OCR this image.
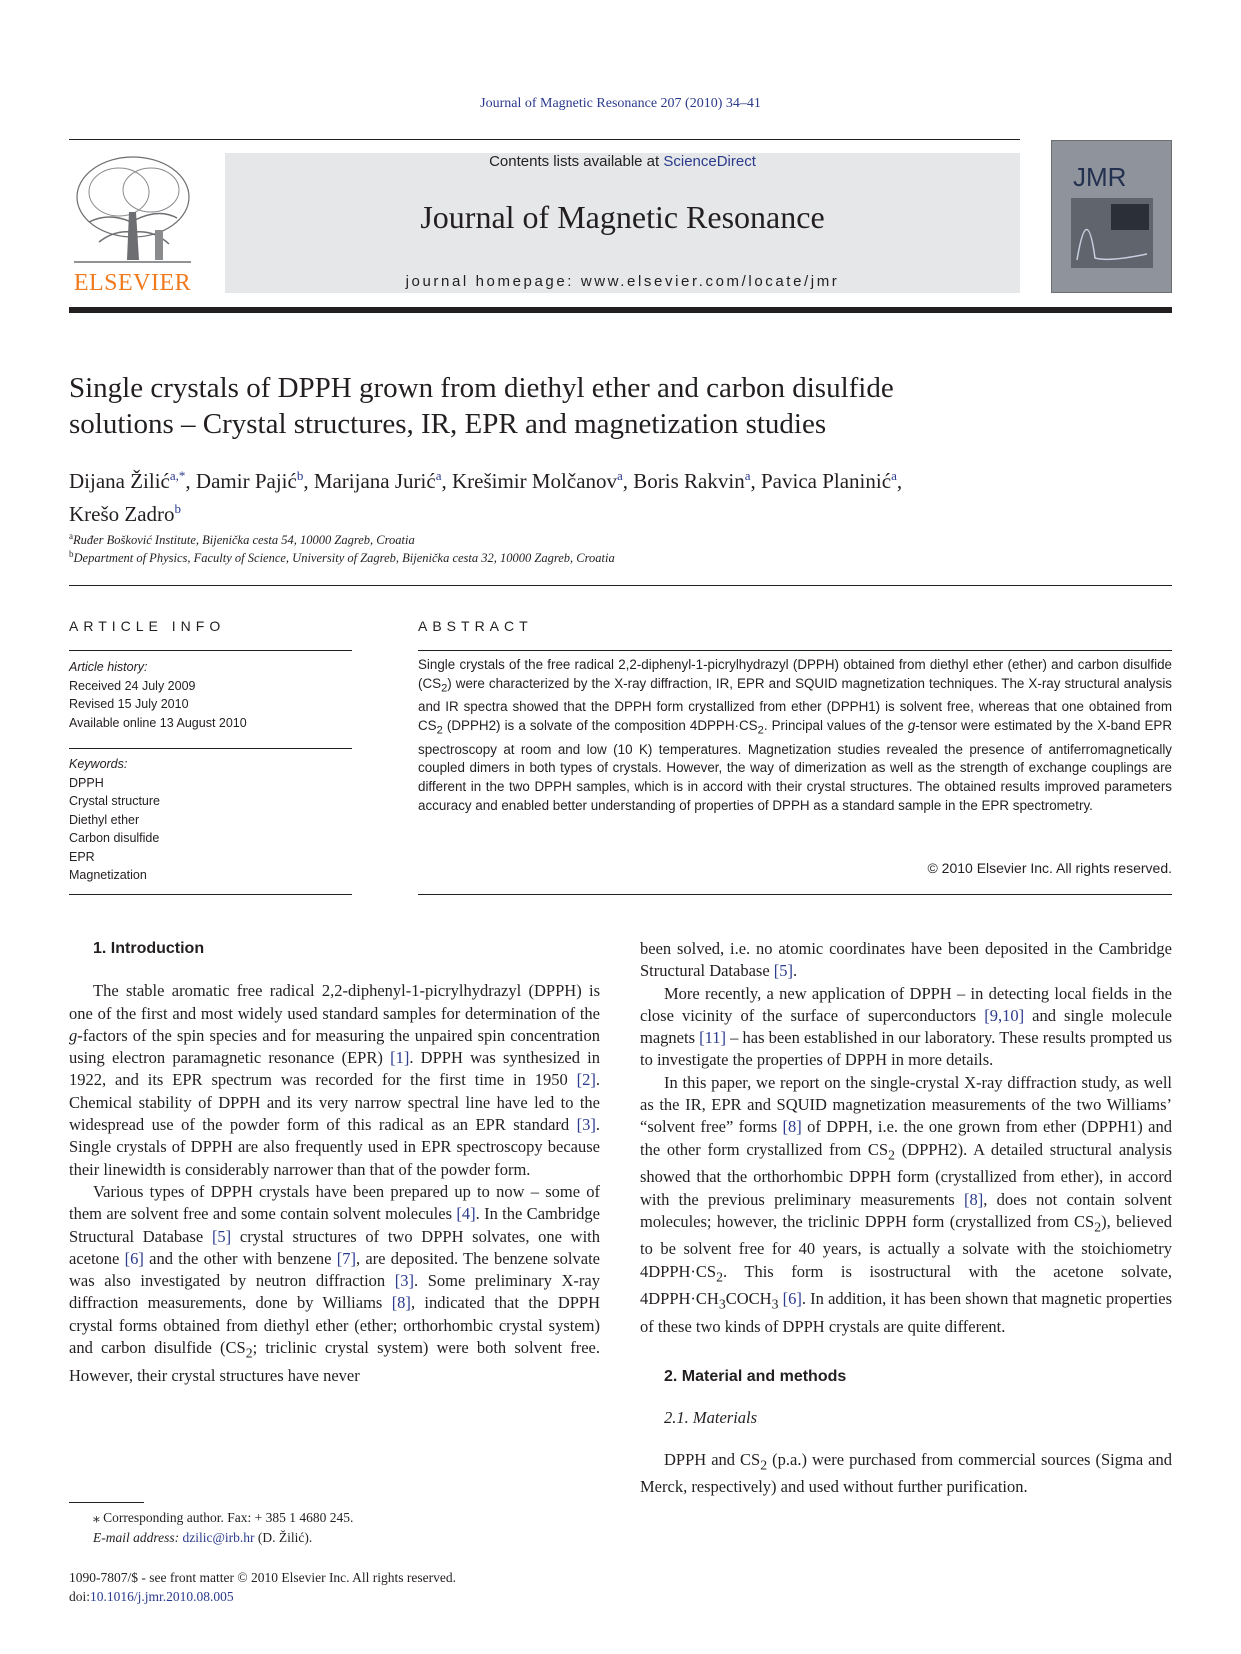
Journal of Magnetic Resonance 207 (2010) 34–41
ELSEVIER
Contents lists available at ScienceDirect
Journal of Magnetic Resonance
journal homepage: www.elsevier.com/locate/jmr
JMR
Single crystals of DPPH grown from diethyl ether and carbon disulfide
solutions – Crystal structures, IR, EPR and magnetization studies
Dijana Žilić$^{a,*}$, Damir Pajić$^b$, Marijana Jurić$^a$, Krešimir Molčanov$^a$, Boris Rakvin$^a$, Pavica Planinić$^a$,
Krešo Zadro$^b$
$^a$Ruđer Bošković Institute, Bijenička cesta 54, 10000 Zagreb, Croatia
$^b$Department of Physics, Faculty of Science, University of Zagreb, Bijenička cesta 32, 10000 Zagreb, Croatia
ARTICLE INFO
Article history:
Received 24 July 2009
Revised 15 July 2010
Available online 13 August 2010
Keywords:
DPPH
Crystal structure
Diethyl ether
Carbon disulfide
EPR
Magnetization
ABSTRACT
Single crystals of the free radical 2,2-diphenyl-1-picrylhydrazyl (DPPH) obtained from diethyl ether (ether) and carbon disulfide $(CS_2)$ were characterized by the X-ray diffraction, IR, EPR and SQUID magnetization techniques. The X-ray structural analysis and IR spectra showed that the DPPH form crystallized from ether (DPPH1) is solvent free, whereas that one obtained from $CS_2$ (DPPH2) is a solvate of the composition $4DPPH\cdot CS_2$. Principal values of the g-tensor were estimated by the X-band EPR spectroscopy at room and low (10 K) temperatures. Magnetization studies revealed the presence of antiferromagnetically coupled dimers in both types of crystals. However, the way of dimerization as well as the strength of exchange couplings are different in the two DPPH samples, which is in accord with their crystal structures. The obtained results improved parameters accuracy and enabled better understanding of properties of DPPH as a standard sample in the EPR spectrometry.
© 2010 Elsevier Inc. All rights reserved.

1. Introduction

The stable aromatic free radical 2,2-diphenyl-1-picrylhydrazyl (DPPH) is one of the first and most widely used standard samples for determination of the g-factors of the spin species and for measuring the unpaired spin concentration using electron paramagnetic resonance (EPR) [1]. DPPH was synthesized in 1922, and its EPR spectrum was recorded for the first time in 1950 [2]. Chemical stability of DPPH and its very narrow spectral line have led to the widespread use of the powder form of this radical as an EPR standard [3]. Single crystals of DPPH are also frequently used in EPR spectroscopy because their linewidth is considerably narrower than that of the powder form.

Various types of DPPH crystals have been prepared up to now – some of them are solvent free and some contain solvent molecules [4]. In the Cambridge Structural Database [5] crystal structures of two DPPH solvates, one with acetone [6] and the other with benzene [7], are deposited. The benzene solvate was also investigated by neutron diffraction [3]. Some preliminary X-ray diffraction measurements, done by Williams [8], indicated that the DPPH crystal forms obtained from diethyl ether (ether; orthorhombic crystal system) and carbon disulfide ($CS_2$; triclinic crystal system) were both solvent free. However, their crystal structures have never

been solved, i.e. no atomic coordinates have been deposited in the Cambridge Structural Database [5].

More recently, a new application of DPPH – in detecting local fields in the close vicinity of the surface of superconductors [9,10] and single molecule magnets [11] – has been established in our laboratory. These results prompted us to investigate the properties of DPPH in more details.

In this paper, we report on the single-crystal X-ray diffraction study, as well as the IR, EPR and SQUID magnetization measurements of the two Williams’ “solvent free” forms [8] of DPPH, i.e. the one grown from ether (DPPH1) and the other form crystallized from $CS_2$ (DPPH2). A detailed structural analysis showed that the orthorhombic DPPH form (crystallized from ether), in accord with the previous preliminary measurements [8], does not contain solvent molecules; however, the triclinic DPPH form (crystallized from $CS_2$), believed to be solvent free for 40 years, is actually a solvate with the stoichiometry $4DPPH\cdot CS_2$. This form is isostructural with the acetone solvate, $4DPPH\cdot CH_3COCH_3$ [6]. In addition, it has been shown that magnetic properties of these two kinds of DPPH crystals are quite different.

2. Material and methods

2.1. Materials

DPPH and $CS_2$ (p.a.) were purchased from commercial sources (Sigma and Merck, respectively) and used without further purification.

⁎ Corresponding author. Fax: + 385 1 4680 245.
E-mail address: dzilic@irb.hr (D. Žilić).
1090-7807/$ - see front matter © 2010 Elsevier Inc. All rights reserved.
doi:10.1016/j.jmr.2010.08.005
